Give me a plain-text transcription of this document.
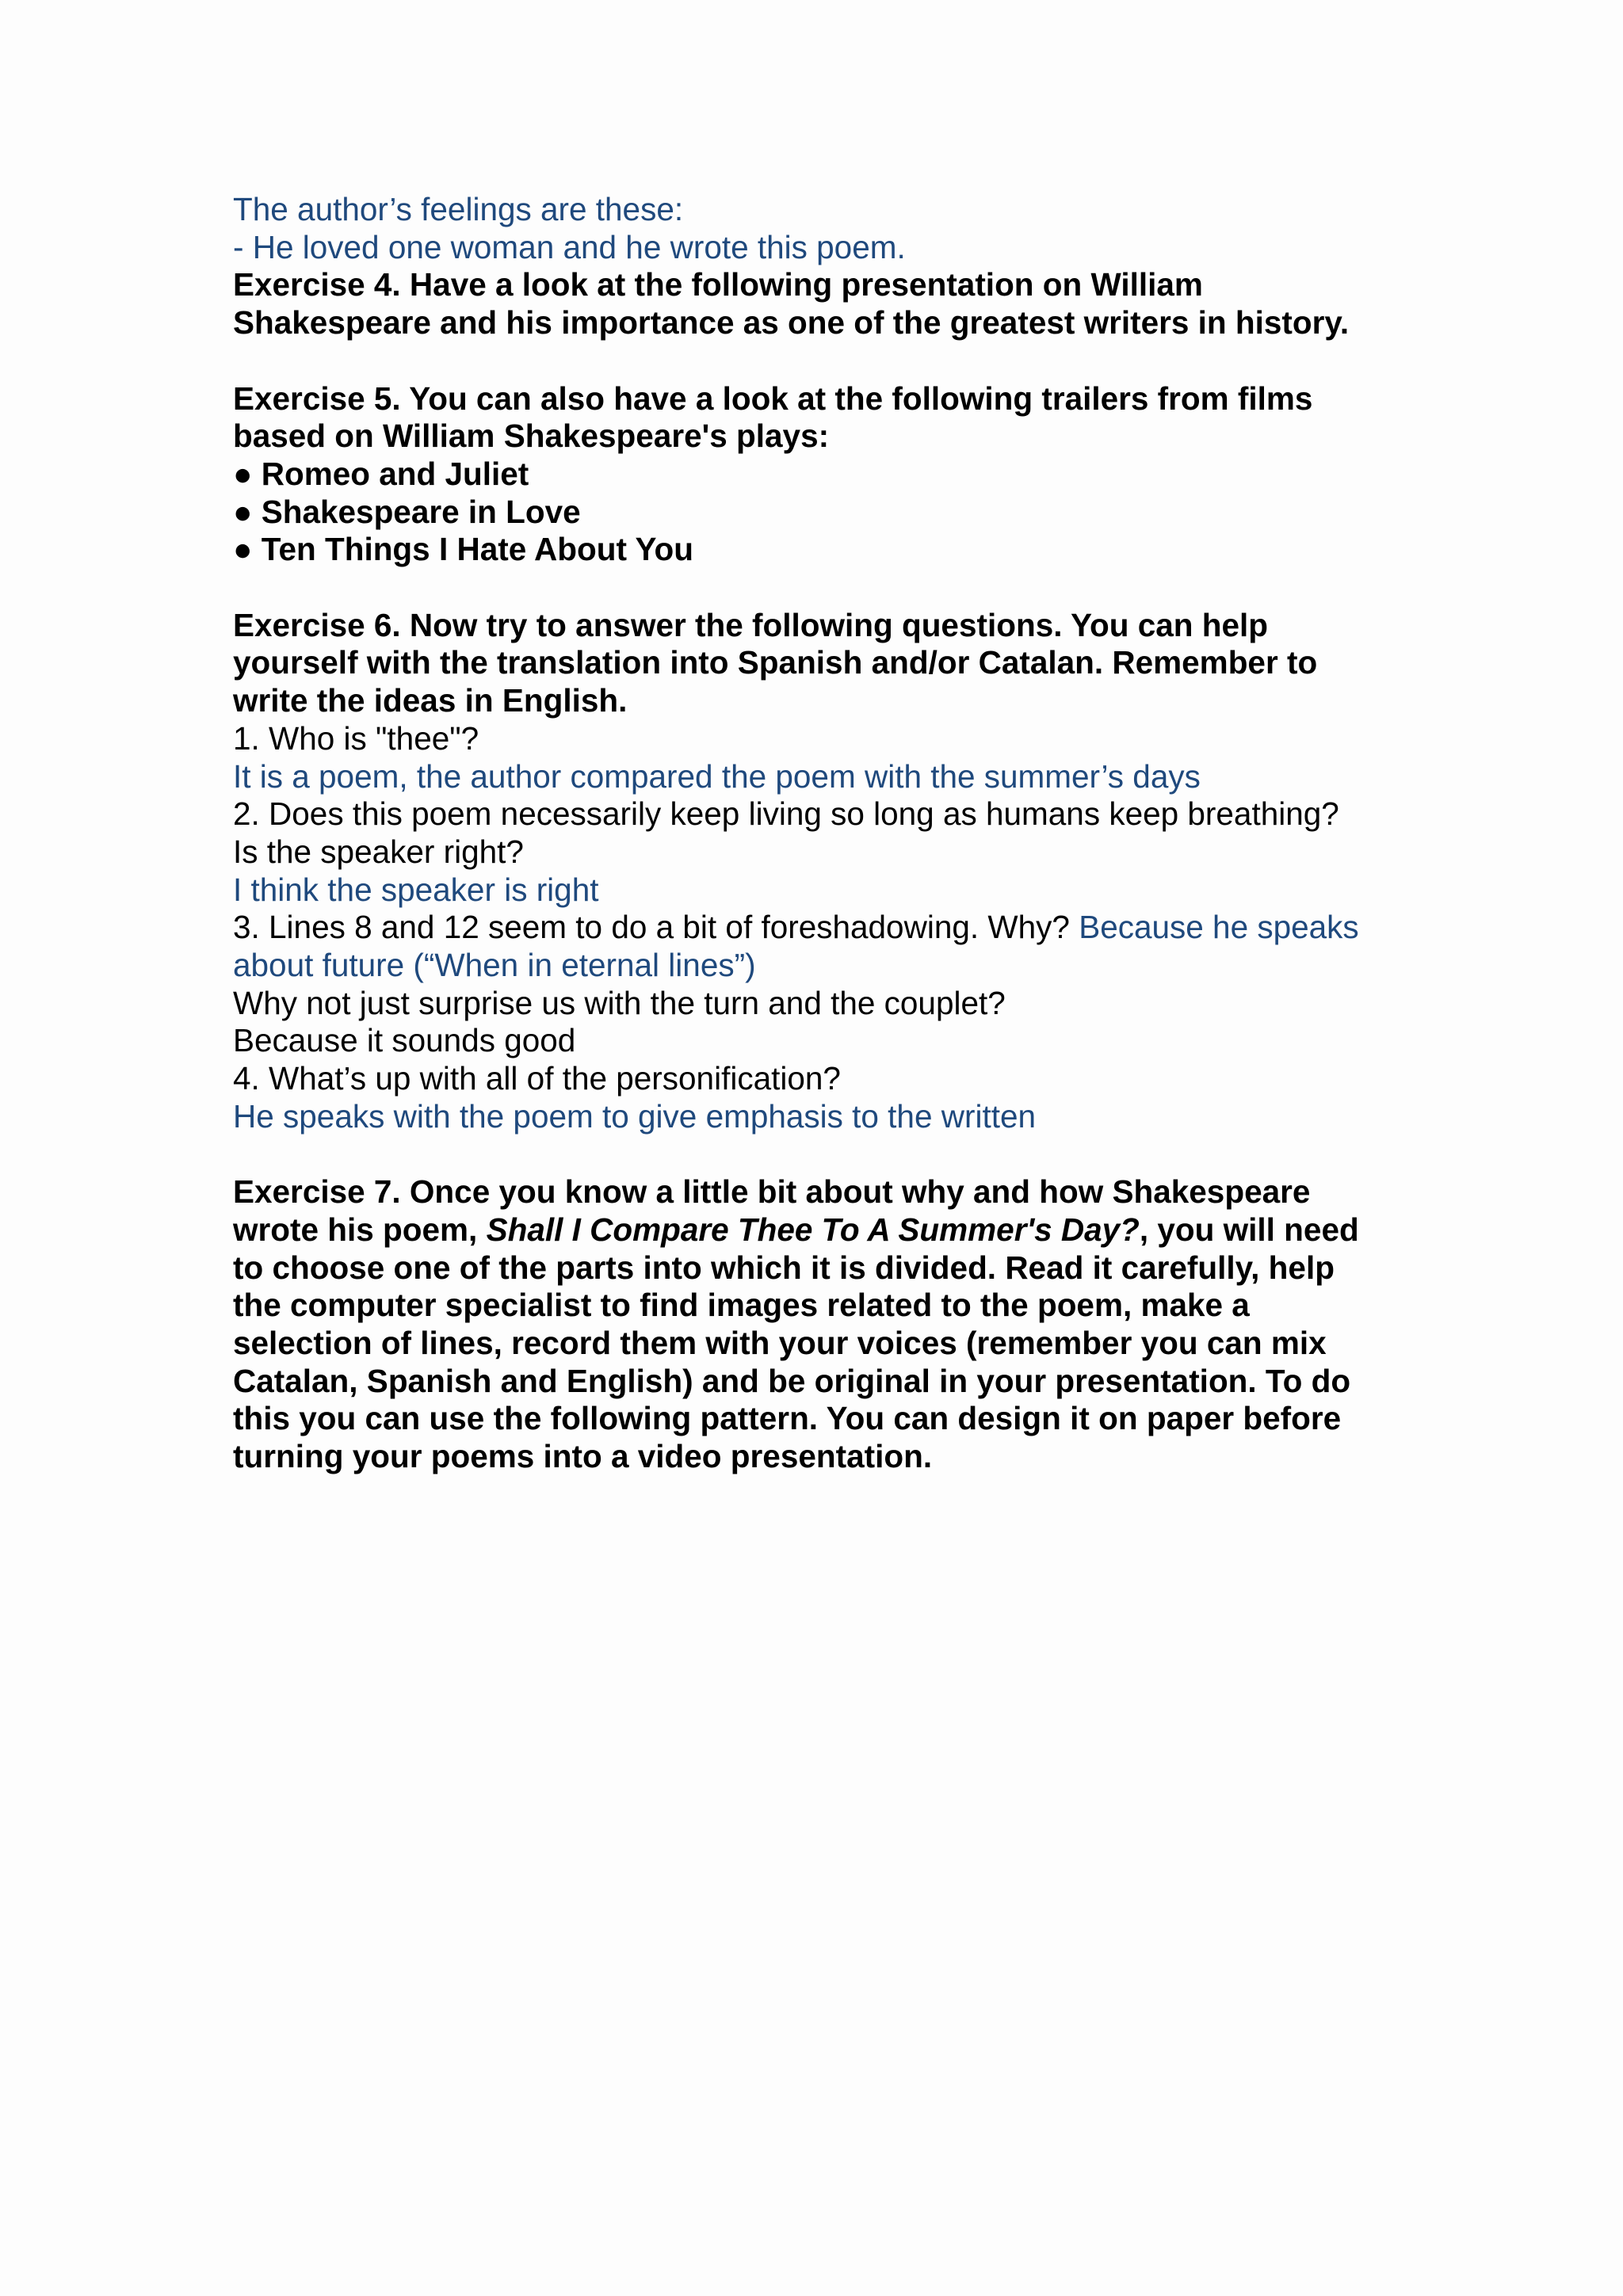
The author’s feelings are these:
- He loved one woman and he wrote this poem.
Exercise 4. Have a look at the following presentation on William
Shakespeare and his importance as one of the greatest writers in history.
Exercise 5. You can also have a look at the following trailers from films
based on William Shakespeare's plays:
● Romeo and Juliet
● Shakespeare in Love
● Ten Things I Hate About You
Exercise 6. Now try to answer the following questions. You can help
yourself with the translation into Spanish and/or Catalan. Remember to
write the ideas in English.
1. Who is "thee"?
It is a poem, the author compared the poem with the summer’s days
2. Does this poem necessarily keep living so long as humans keep breathing?
Is the speaker right?
I think the speaker is right
3. Lines 8 and 12 seem to do a bit of foreshadowing. Why? Because he speaks
about future (“When in eternal lines”)
Why not just surprise us with the turn and the couplet?
Because it sounds good
4. What’s up with all of the personification?
He speaks with the poem to give emphasis to the written
Exercise 7. Once you know a little bit about why and how Shakespeare
wrote his poem, Shall I Compare Thee To A Summer's Day?, you will need
to choose one of the parts into which it is divided. Read it carefully, help
the computer specialist to find images related to the poem, make a
selection of lines, record them with your voices (remember you can mix
Catalan, Spanish and English) and be original in your presentation. To do
this you can use the following pattern. You can design it on paper before
turning your poems into a video presentation.
